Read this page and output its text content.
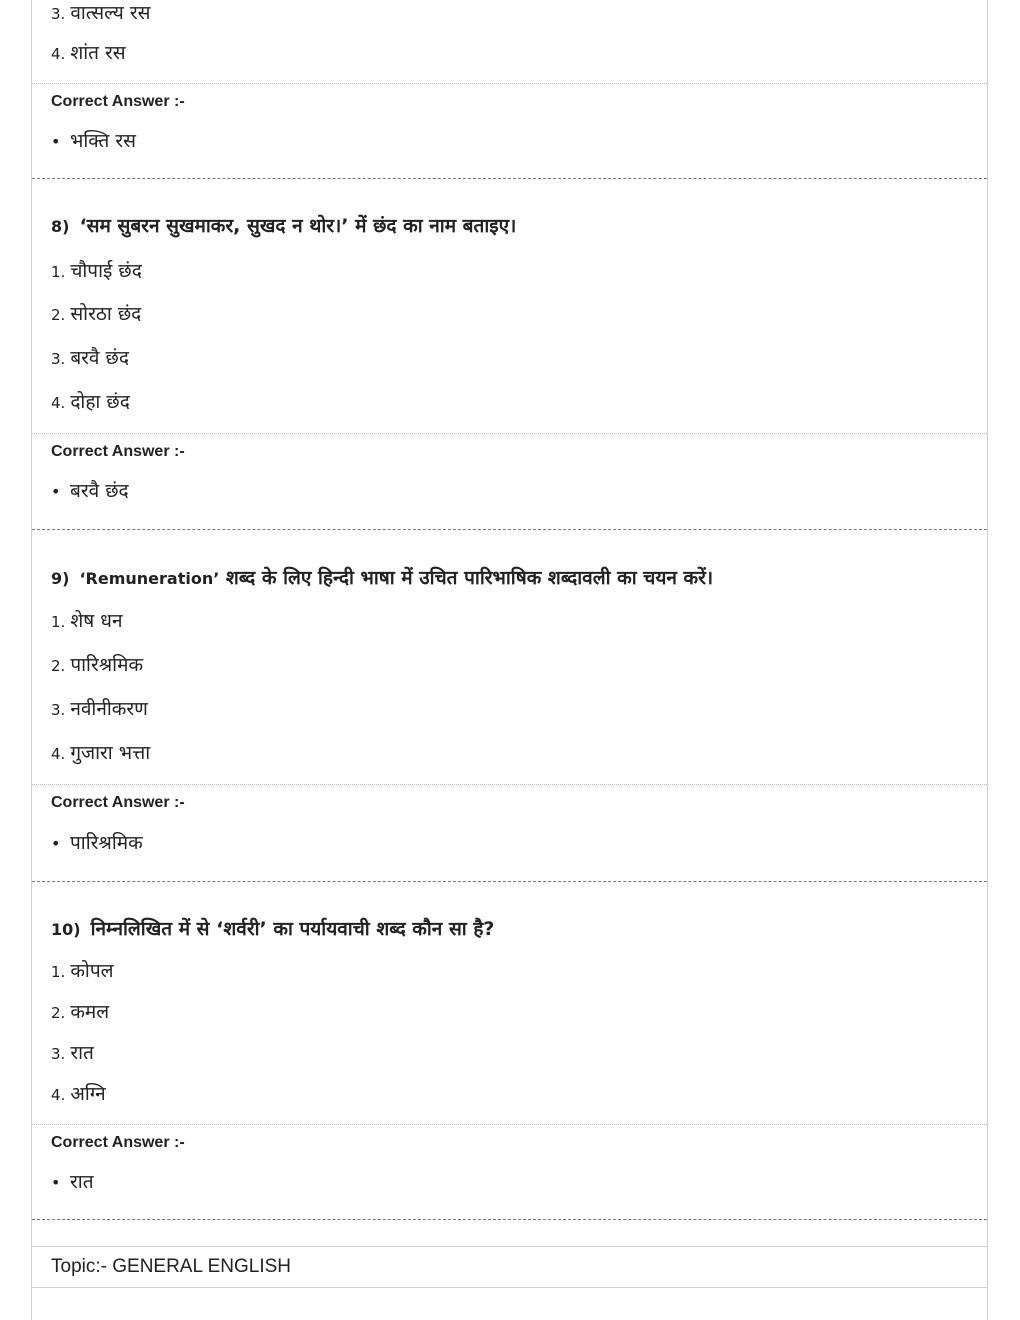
3. वात्सल्य रस
4. शांत रस
Correct Answer :-
• भक्ति रस
8) ‘सम सुबरन सुखमाकर, सुखद न थोर।’ में छंद का नाम बताइए।
1. चौपाई छंद
2. सोरठा छंद
3. बरवै छंद
4. दोहा छंद
Correct Answer :-
• बरवै छंद
9) ‘Remuneration’ शब्द के लिए हिन्दी भाषा में उचित पारिभाषिक शब्दावली का चयन करें।
1. शेष धन
2. पारिश्रमिक
3. नवीनीकरण
4. गुजारा भत्ता
Correct Answer :-
• पारिश्रमिक
10) निम्नलिखित में से ‘शर्वरी’ का पर्यायवाची शब्द कौन सा है?
1. कोपल
2. कमल
3. रात
4. अग्नि
Correct Answer :-
• रात
Topic:- GENERAL ENGLISH
